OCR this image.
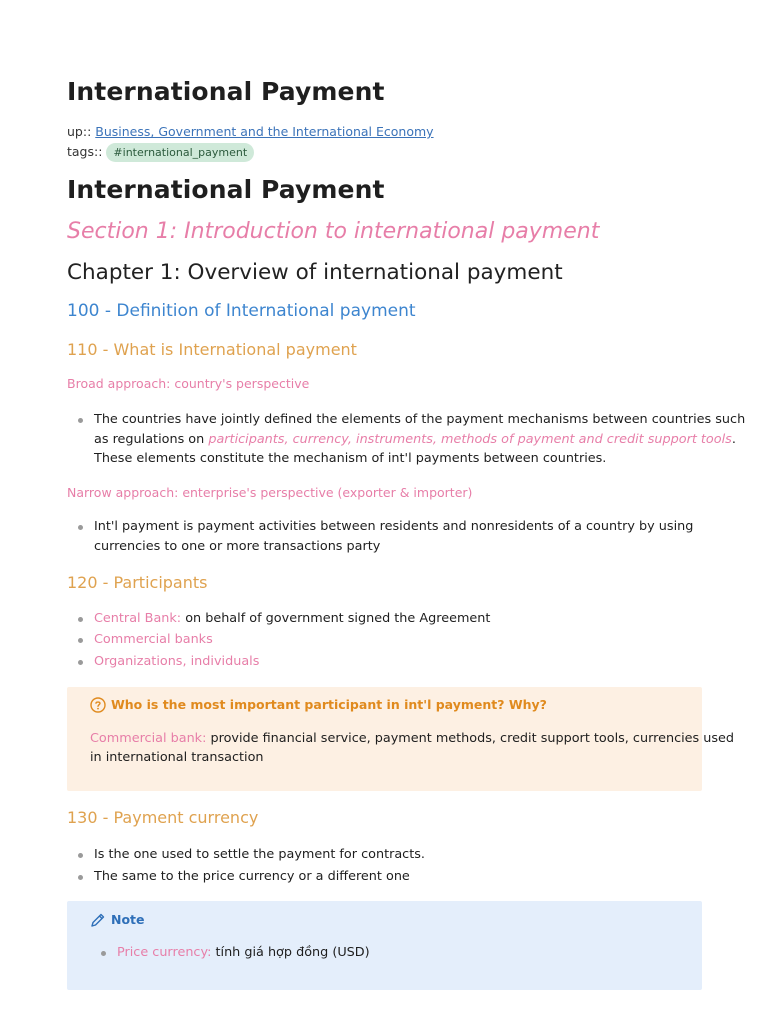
International Payment
up:: Business, Government and the International Economy
tags:: #international_payment
International Payment
Section 1: Introduction to international payment
Chapter 1: Overview of international payment
100 - Definition of International payment
110 - What is International payment
Broad approach: country's perspective
The countries have jointly defined the elements of the payment mechanisms between countries such
as regulations on participants, currency, instruments, methods of payment and credit support tools.
These elements constitute the mechanism of int'l payments between countries.
Narrow approach: enterprise's perspective (exporter & importer)
Int'l payment is payment activities between residents and nonresidents of a country by using
currencies to one or more transactions party
120 - Participants
Central Bank: on behalf of government signed the Agreement
Commercial banks
Organizations, individuals
Who is the most important participant in int'l payment? Why?
Commercial bank: provide financial service, payment methods, credit support tools, currencies used
in international transaction
130 - Payment currency
Is the one used to settle the payment for contracts.
The same to the price currency or a different one
Note
Price currency: tính giá hợp đồng (USD)
